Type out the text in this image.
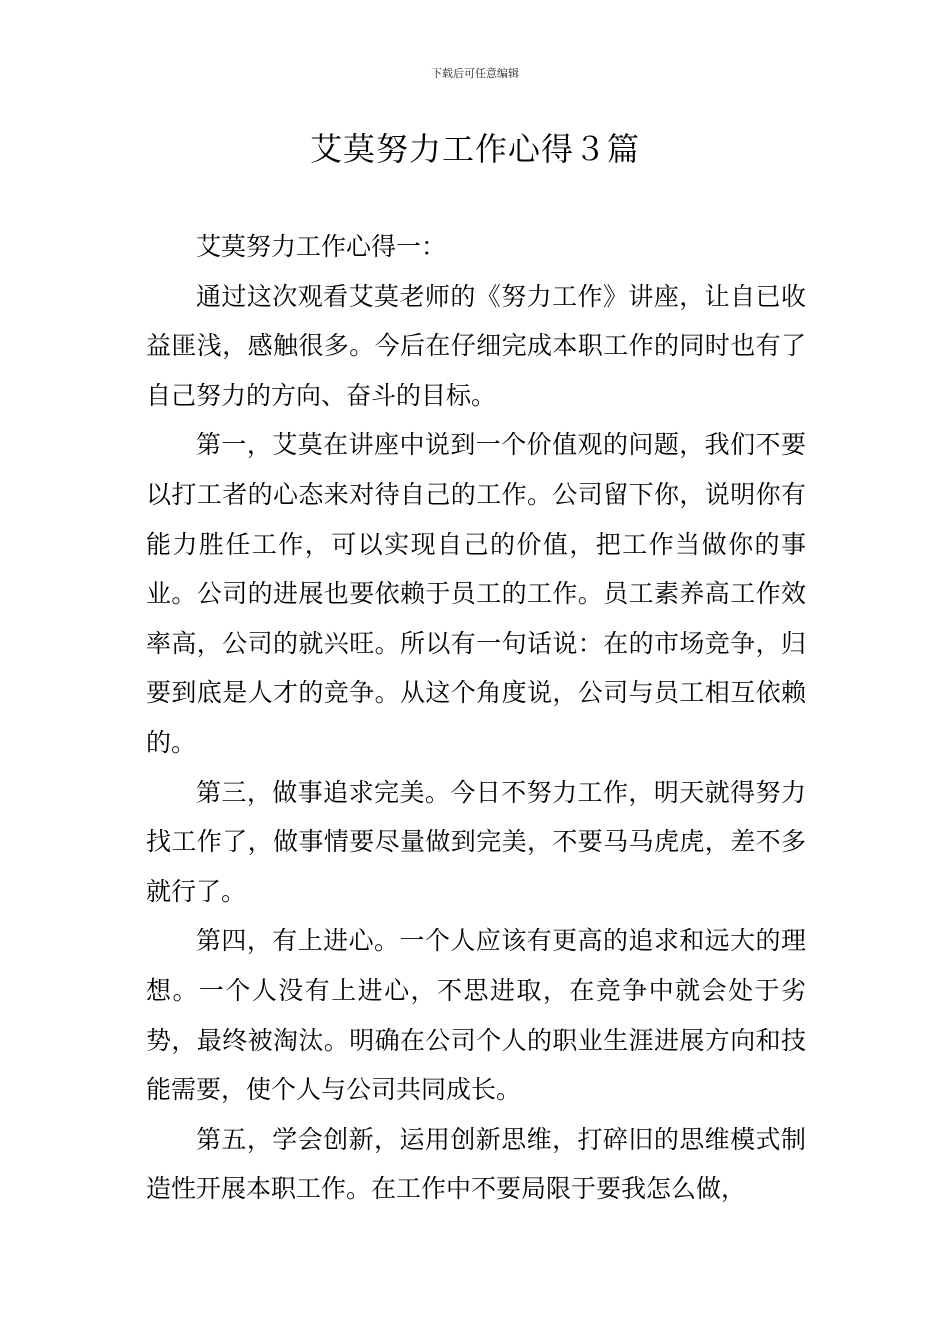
下载后可任意编辑
艾莫努力工作心得３篇

艾莫努力工作心得一：

通过这次观看艾莫老师的《努力工作》讲座，让自已收益匪浅，感触很多。今后在仔细完成本职工作的同时也有了自己努力的方向、奋斗的目标。

第一，艾莫在讲座中说到一个价值观的问题，我们不要以打工者的心态来对待自己的工作。公司留下你，说明你有能力胜任工作，可以实现自己的价值，把工作当做你的事业。公司的进展也要依赖于员工的工作。员工素养高工作效率高，公司的就兴旺。所以有一句话说：在的市场竞争，归要到底是人才的竞争。从这个角度说，公司与员工相互依赖的。

第三，做事追求完美。今日不努力工作，明天就得努力找工作了，做事情要尽量做到完美，不要马马虎虎，差不多就行了。

第四，有上进心。一个人应该有更高的追求和远大的理想。一个人没有上进心，不思进取，在竞争中就会处于劣势，最终被淘汰。明确在公司个人的职业生涯进展方向和技能需要，使个人与公司共同成长。

第五，学会创新，运用创新思维，打碎旧的思维模式制造性开展本职工作。在工作中不要局限于要我怎么做，
